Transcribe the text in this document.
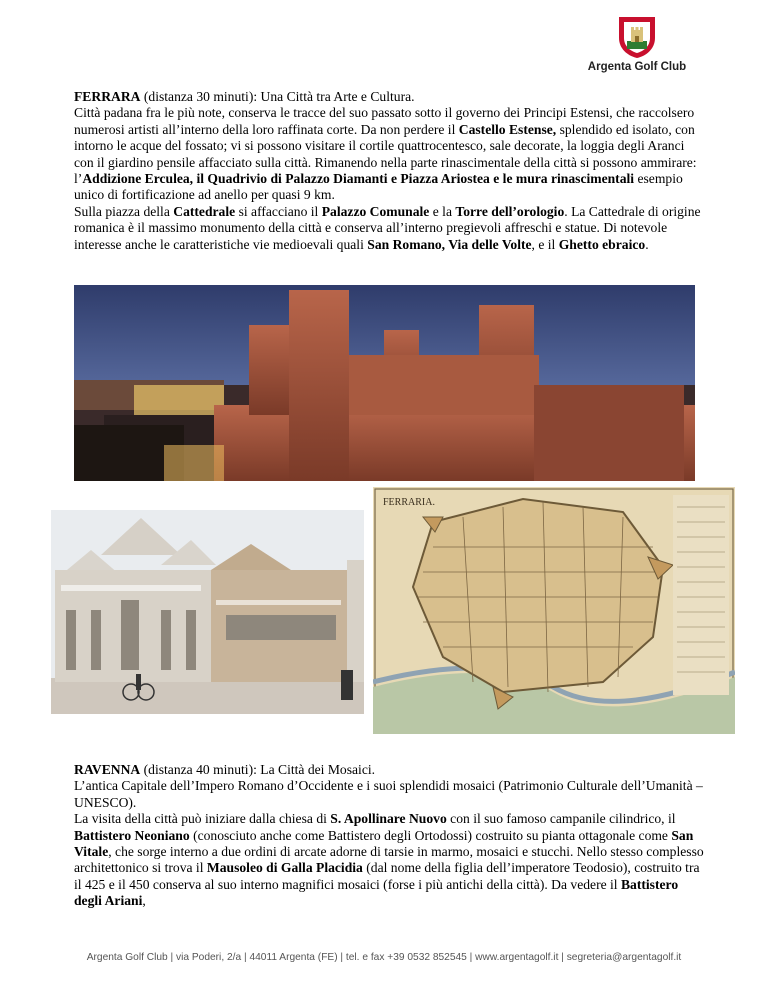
Argenta Golf Club

FERRARA (distanza 30 minuti): Una Città tra Arte e Cultura.

Città padana fra le più note, conserva le tracce del suo passato sotto il governo dei Principi Estensi, che raccolsero numerosi artisti all’interno della loro raffinata corte. Da non perdere il Castello Estense, splendido ed isolato, con intorno le acque del fossato; vi si possono visitare il cortile quattrocentesco, sale decorate, la loggia degli Aranci con il giardino pensile affacciato sulla città. Rimanendo nella parte rinascimentale della città si possono ammirare: l’Addizione Erculea, il Quadrivio di Palazzo Diamanti e Piazza Ariostea e le mura rinascimentali esempio unico di fortificazione ad anello per quasi 9 km.

Sulla piazza della Cattedrale si affacciano il Palazzo Comunale e la Torre dell’orologio. La Cattedrale di origine romanica è il massimo monumento della città e conserva all’interno pregievoli affreschi e statue. Di notevole interesse anche le caratteristiche vie medioevali quali San Romano, Via delle Volte, e il Ghetto ebraico.

FERRARIA.

RAVENNA (distanza 40 minuti): La Città dei Mosaici.

L’antica Capitale dell’Impero Romano d’Occidente e i suoi splendidi mosaici (Patrimonio Culturale dell’Umanità – UNESCO).

La visita della città può iniziare dalla chiesa di S. Apollinare Nuovo con il suo famoso campanile cilindrico, il Battistero Neoniano (conosciuto anche come Battistero degli Ortodossi) costruito su pianta ottagonale come San Vitale, che sorge interno a due ordini di arcate adorne di tarsie in marmo, mosaici e stucchi. Nello stesso complesso architettonico si trova il Mausoleo di Galla Placidia (dal nome della figlia dell’imperatore Teodosio), costruito tra il 425 e il 450 conserva al suo interno magnifici mosaici (forse i più antichi della città). Da vedere il Battistero degli Ariani,

Argenta Golf Club | via Poderi, 2/a | 44011 Argenta (FE) | tel. e fax +39 0532 852545 | www.argentagolf.it | segreteria@argentagolf.it
